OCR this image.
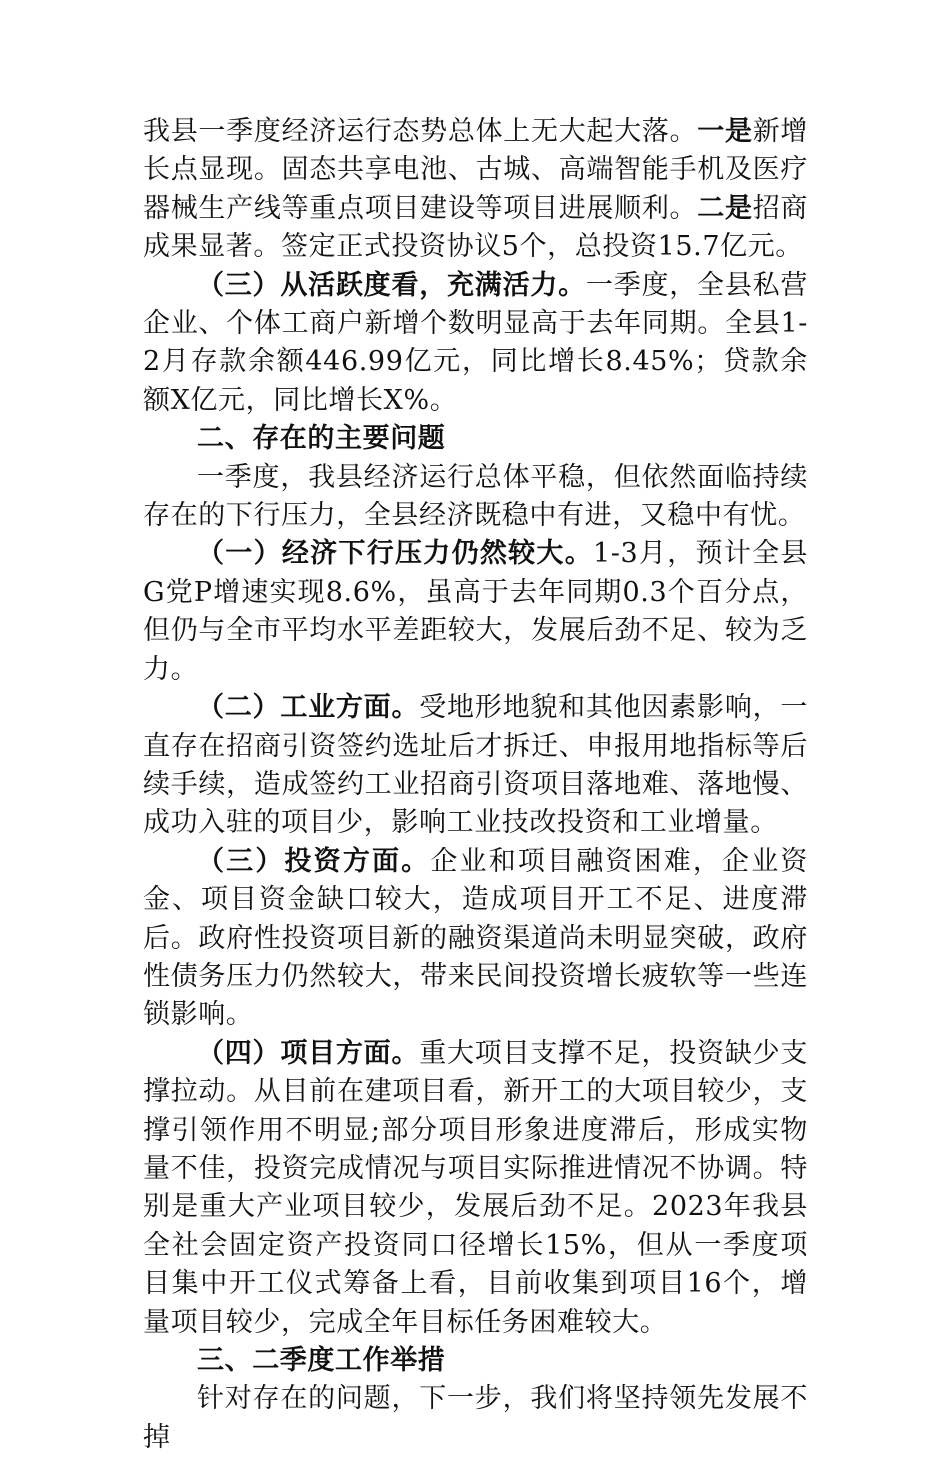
我县一季度经济运行态势总体上无大起大落。一是新增长点显现。固态共享电池、古城、高端智能手机及医疗器械生产线等重点项目建设等项目进展顺利。二是招商成果显著。签定正式投资协议5个，总投资15.7亿元。

（三）从活跃度看，充满活力。一季度，全县私营企业、个体工商户新增个数明显高于去年同期。全县1-2月存款余额446.99亿元，同比增长8.45%；贷款余额X亿元，同比增长X%。

二、存在的主要问题

一季度，我县经济运行总体平稳，但依然面临持续存在的下行压力，全县经济既稳中有进，又稳中有忧。

（一）经济下行压力仍然较大。1-3月，预计全县G党P增速实现8.6%，虽高于去年同期0.3个百分点，但仍与全市平均水平差距较大，发展后劲不足、较为乏力。

（二）工业方面。受地形地貌和其他因素影响，一直存在招商引资签约选址后才拆迁、申报用地指标等后续手续，造成签约工业招商引资项目落地难、落地慢、成功入驻的项目少，影响工业技改投资和工业增量。

（三）投资方面。企业和项目融资困难，企业资金、项目资金缺口较大，造成项目开工不足、进度滞后。政府性投资项目新的融资渠道尚未明显突破，政府性债务压力仍然较大，带来民间投资增长疲软等一些连锁影响。

（四）项目方面。重大项目支撑不足，投资缺少支撑拉动。从目前在建项目看，新开工的大项目较少，支撑引领作用不明显;部分项目形象进度滞后，形成实物量不佳，投资完成情况与项目实际推进情况不协调。特别是重大产业项目较少，发展后劲不足。2023年我县全社会固定资产投资同口径增长15%，但从一季度项目集中开工仪式筹备上看，目前收集到项目16个，增量项目较少，完成全年目标任务困难较大。

三、二季度工作举措

针对存在的问题，下一步，我们将坚持领先发展不掉
